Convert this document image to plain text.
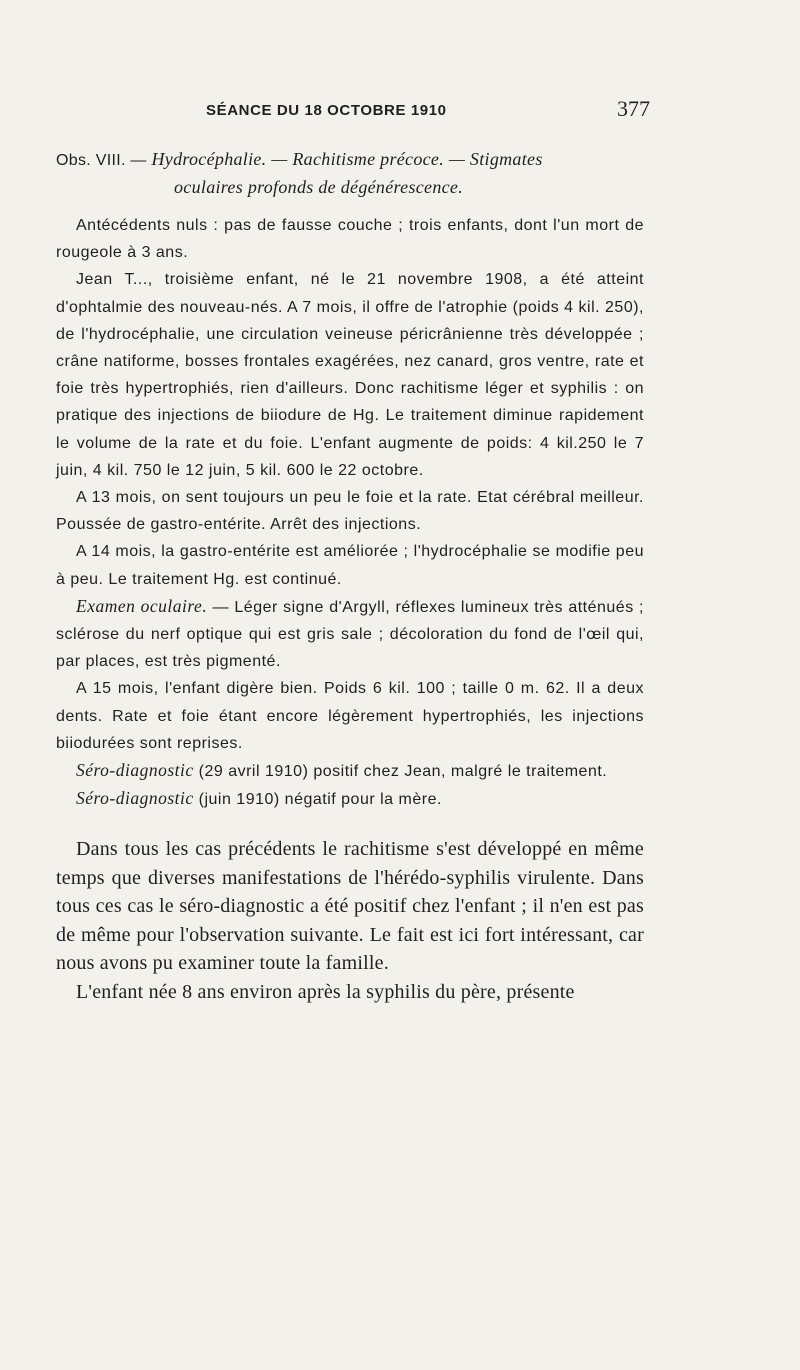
SÉANCE DU 18 OCTOBRE 1910	377
Obs. VIII. — Hydrocéphalie. — Rachitisme précoce. — Stigmates
oculaires profonds de dégénérescence.

Antécédents nuls : pas de fausse couche ; trois enfants, dont l'un mort de rougeole à 3 ans.

Jean T..., troisième enfant, né le 21 novembre 1908, a été atteint d'ophtalmie des nouveau-nés. A 7 mois, il offre de l'atrophie (poids 4 kil. 250), de l'hydrocéphalie, une circulation veineuse péricrânienne très développée ; crâne natiforme, bosses frontales exagérées, nez canard, gros ventre, rate et foie très hypertrophiés, rien d'ailleurs. Donc rachitisme léger et syphilis : on pratique des injections de biiodure de Hg. Le traitement diminue rapidement le volume de la rate et du foie. L'enfant augmente de poids: 4 kil.250 le 7 juin, 4 kil. 750 le 12 juin, 5 kil. 600 le 22 octobre.

A 13 mois, on sent toujours un peu le foie et la rate. Etat cérébral meilleur. Poussée de gastro-entérite. Arrêt des injections.

A 14 mois, la gastro-entérite est améliorée ; l'hydrocéphalie se modifie peu à peu. Le traitement Hg. est continué.

Examen oculaire. — Léger signe d'Argyll, réflexes lumineux très atténués ; sclérose du nerf optique qui est gris sale ; décoloration du fond de l'œil qui, par places, est très pigmenté.

A 15 mois, l'enfant digère bien. Poids 6 kil. 100 ; taille 0 m. 62. Il a deux dents. Rate et foie étant encore légèrement hypertrophiés, les injections biiodurées sont reprises.

Séro-diagnostic (29 avril 1910) positif chez Jean, malgré le traitement.

Séro-diagnostic (juin 1910) négatif pour la mère.

Dans tous les cas précédents le rachitisme s'est développé en même temps que diverses manifestations de l'hérédo-syphilis virulente. Dans tous ces cas le séro-diagnostic a été positif chez l'enfant ; il n'en est pas de même pour l'observation suivante. Le fait est ici fort intéressant, car nous avons pu examiner toute la famille.

L'enfant née 8 ans environ après la syphilis du père, présente
